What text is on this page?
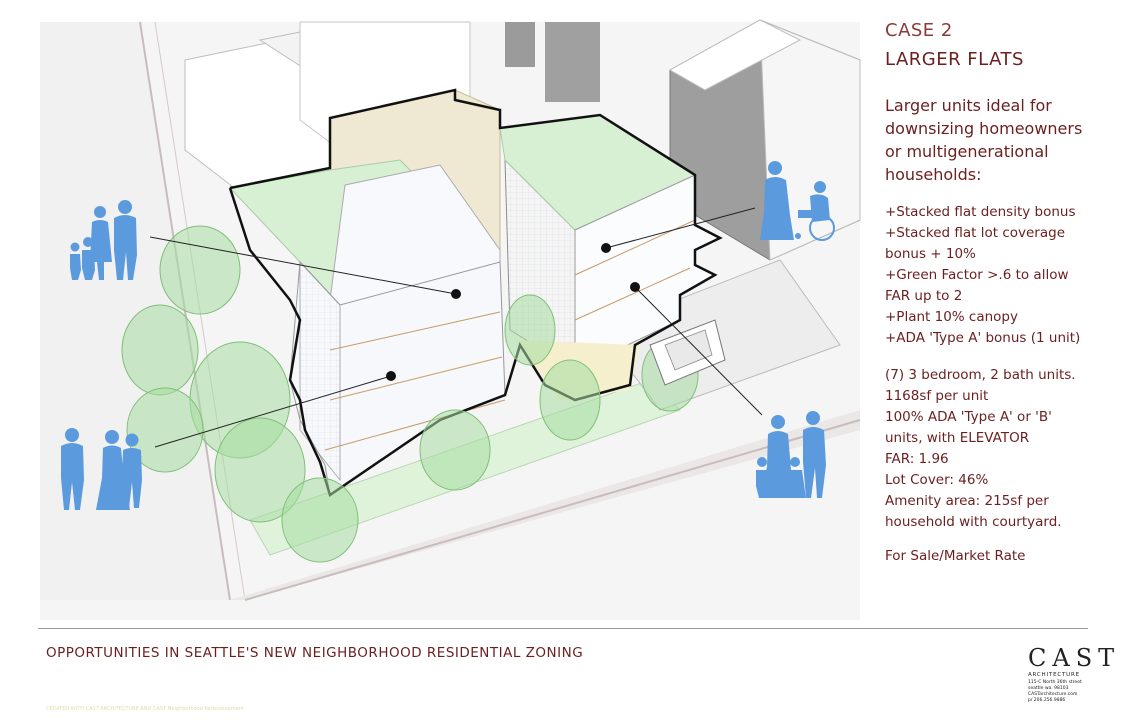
CASE 2
LARGER FLATS
Larger units ideal for
downsizing homeowners
or multigenerational
households:
+Stacked flat density bonus
+Stacked flat lot coverage
bonus + 10%
+Green Factor >.6 to allow
FAR up to 2
+Plant 10% canopy
+ADA 'Type A' bonus (1 unit)
(7) 3 bedroom, 2 bath units.
1168sf per unit
100% ADA 'Type A' or 'B'
units, with ELEVATOR
FAR: 1.96
Lot Cover: 46%
Amenity area: 215sf per
household with courtyard.
For Sale/Market Rate
OPPORTUNITIES IN SEATTLE'S NEW NEIGHBORHOOD RESIDENTIAL ZONING
CREATED WITH CAST ARCHITECTURE AND CAST Neighborhood Redevelopment
CAST
ARCHITECTURE
115-C North 36th street
seattle wa. 98103
CASTarchitecture.com
p/ 206.256.9886
